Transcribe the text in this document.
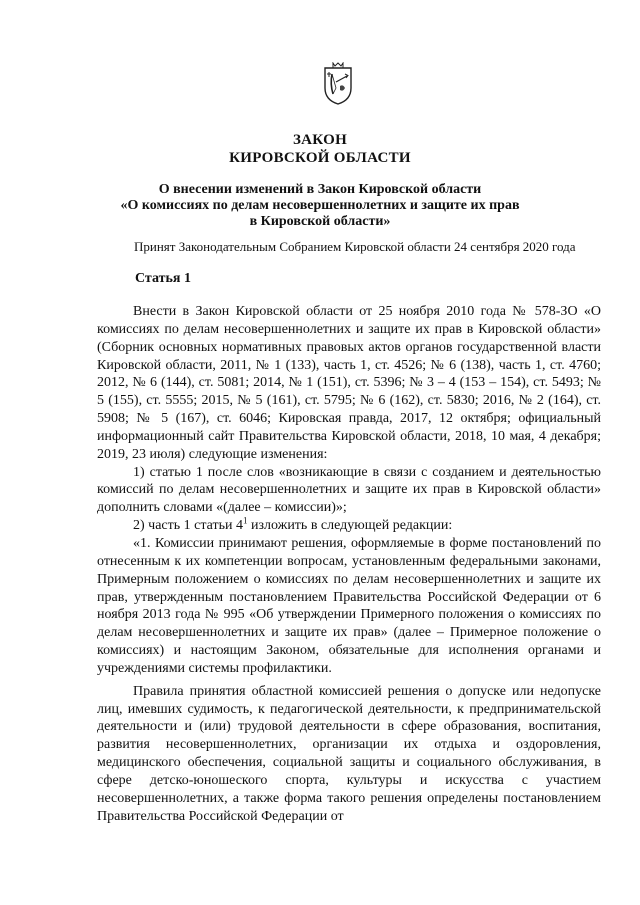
ЗАКОН
КИРОВСКОЙ ОБЛАСТИ
О внесении изменений в Закон Кировской области
«О комиссиях по делам несовершеннолетних и защите их прав
в Кировской области»
Принят Законодательным Собранием Кировской области 24 сентября 2020 года
Статья 1

Внести в Закон Кировской области от 25 ноября 2010 года № 578-ЗО «О комиссиях по делам несовершеннолетних и защите их прав в Кировской области» (Сборник основных нормативных правовых актов органов государственной власти Кировской области, 2011, № 1 (133), часть 1, ст. 4526; № 6 (138), часть 1, ст. 4760; 2012, № 6 (144), ст. 5081; 2014, № 1 (151), ст. 5396; № 3 – 4 (153 – 154), ст. 5493; № 5 (155), ст. 5555; 2015, № 5 (161), ст. 5795; № 6 (162), ст. 5830; 2016, № 2 (164), ст. 5908; № 5 (167), ст. 6046; Кировская правда, 2017, 12 октября; официальный информационный сайт Правительства Кировской области, 2018, 10 мая, 4 декабря; 2019, 23 июля) следующие изменения:

1) статью 1 после слов «возникающие в связи с созданием и деятельностью комиссий по делам несовершеннолетних и защите их прав в Кировской области» дополнить словами «(далее – комиссии)»;

2) часть 1 статьи $4^1$ изложить в следующей редакции:

«1. Комиссии принимают решения, оформляемые в форме постановлений по отнесенным к их компетенции вопросам, установленным федеральными законами, Примерным положением о комиссиях по делам несовершеннолетних и защите их прав, утвержденным постановлением Правительства Российской Федерации от 6 ноября 2013 года № 995 «Об утверждении Примерного положения о комиссиях по делам несовершеннолетних и защите их прав» (далее – Примерное положение о комиссиях) и настоящим Законом, обязательные для исполнения органами и учреждениями системы профилактики.

Правила принятия областной комиссией решения о допуске или недопуске лиц, имевших судимость, к педагогической деятельности, к предпринимательской деятельности и (или) трудовой деятельности в сфере образования, воспитания, развития несовершеннолетних, организации их отдыха и оздоровления, медицинского обеспечения, социальной защиты и социального обслуживания, в сфере детско-юношеского спорта, культуры и искусства с участием несовершеннолетних, а также форма такого решения определены постановлением Правительства Российской Федерации от
